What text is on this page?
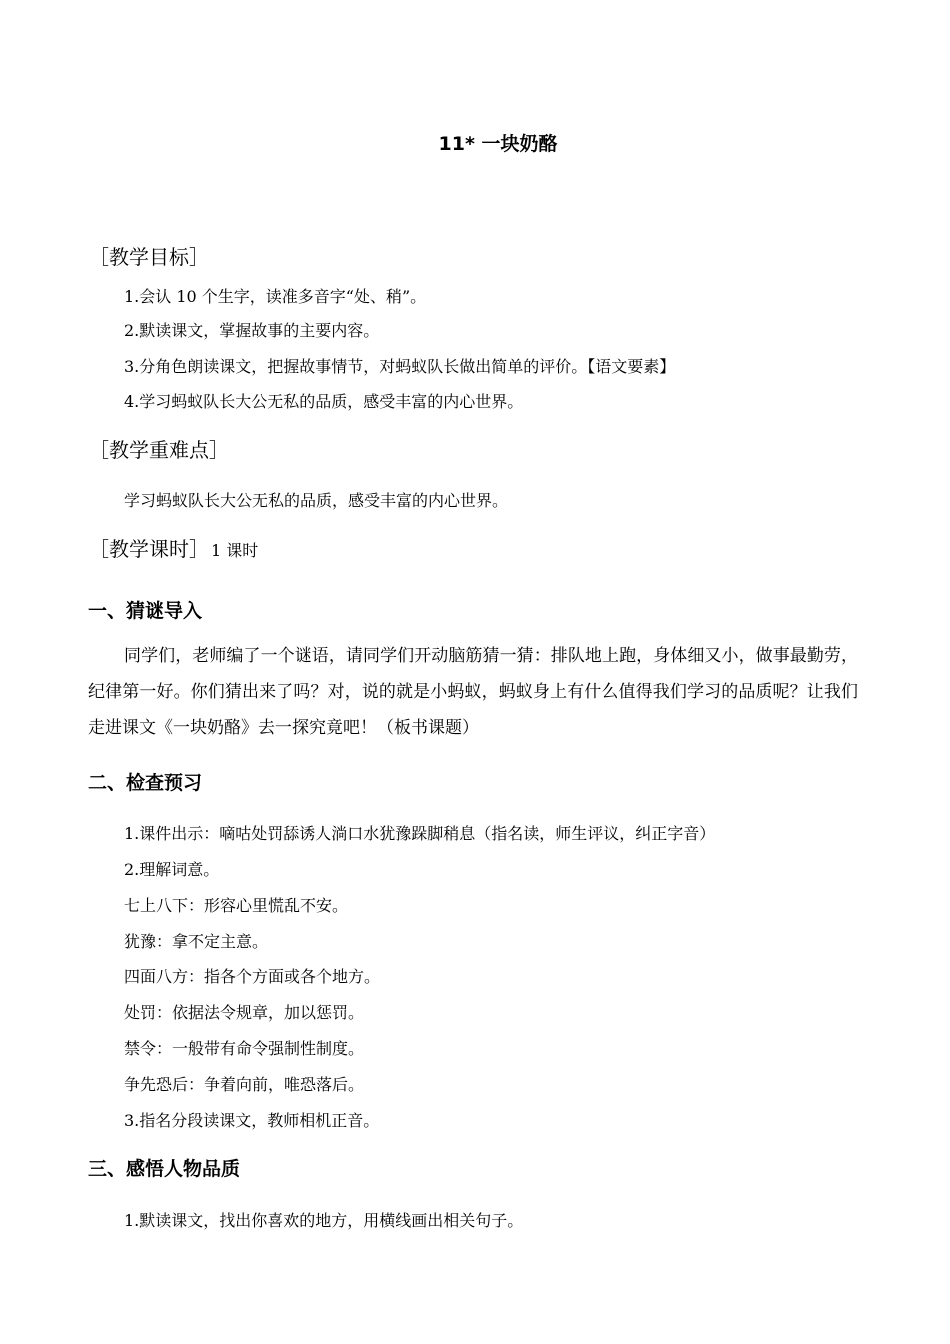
11* 一块奶酪
［教学目标］
1.会认 10 个生字，读准多音字“处、稍”。
2.默读课文，掌握故事的主要内容。
3.分角色朗读课文，把握故事情节，对蚂蚁队长做出简单的评价。【语文要素】
4.学习蚂蚁队长大公无私的品质，感受丰富的内心世界。
［教学重难点］
学习蚂蚁队长大公无私的品质，感受丰富的内心世界。
［教学课时］ 1 课时
一、猜谜导入
同学们，老师编了一个谜语，请同学们开动脑筋猜一猜：排队地上跑，身体细又小，做事最勤劳，纪律第一好。你们猜出来了吗？对，说的就是小蚂蚁，蚂蚁身上有什么值得我们学习的品质呢？让我们走进课文《一块奶酪》去一探究竟吧！（板书课题）
二、检查预习
1.课件出示：嘀咕处罚舔诱人淌口水犹豫跺脚稍息（指名读，师生评议，纠正字音）
2.理解词意。
七上八下：形容心里慌乱不安。
犹豫：拿不定主意。
四面八方：指各个方面或各个地方。
处罚：依据法令规章，加以惩罚。
禁令：一般带有命令强制性制度。
争先恐后：争着向前，唯恐落后。
3.指名分段读课文，教师相机正音。
三、感悟人物品质
1.默读课文，找出你喜欢的地方，用横线画出相关句子。
